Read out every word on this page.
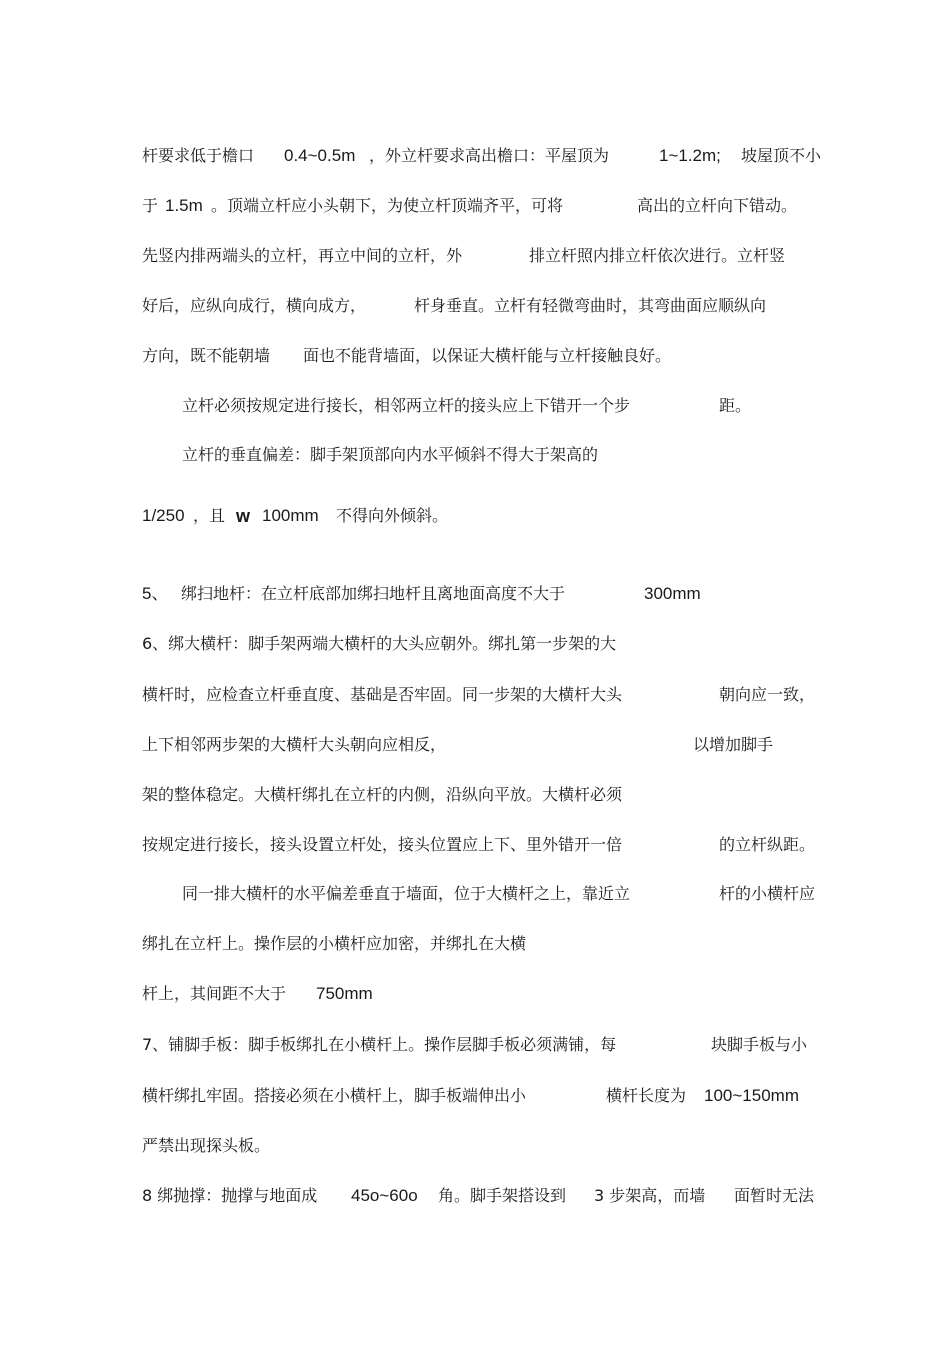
杆要求低于檐口 0.4~0.5m ，外立杆要求高出檐口：平屋顶为	1~1.2m; 坡屋顶不小
于 1.5m 。顶端立杆应小头朝下，为使立杆顶端齐平，可将	高出的立杆向下错动。
先竖内排两端头的立杆，再立中间的立杆，外	排立杆照内排立杆依次进行。立杆竖
好后，应纵向成行，横向成方，	杆身垂直。立杆有轻微弯曲时，其弯曲面应顺纵向
方向，既不能朝墙 面也不能背墙面，以保证大横杆能与立杆接触良好。
立杆必须按规定进行接长，相邻两立杆的接头应上下错开一个步	距。
立杆的垂直偏差：脚手架顶部向内水平倾斜不得大于架高的
1/250 ，且 w 100mm 不得向外倾斜。
5、 绑扫地杆：在立杆底部加绑扫地杆且离地面高度不大于	300mm
6、绑大横杆：脚手架两端大横杆的大头应朝外。绑扎第一步架的大
横杆时，应检查立杆垂直度、基础是否牢固。同一步架的大横杆大头	朝向应一致，
上下相邻两步架的大横杆大头朝向应相反，	以增加脚手
架的整体稳定。大横杆绑扎在立杆的内侧，沿纵向平放。大横杆必须
按规定进行接长，接头设置立杆处，接头位置应上下、里外错开一倍	的立杆纵距。
同一排大横杆的水平偏差垂直于墙面，位于大横杆之上，靠近立	杆的小横杆应
绑扎在立杆上。操作层的小横杆应加密，并绑扎在大横
杆上，其间距不大于 750mm
7、铺脚手板：脚手板绑扎在小横杆上。操作层脚手板必须满铺，每	块脚手板与小
横杆绑扎牢固。搭接必须在小横杆上，脚手板端伸出小	横杆长度为 100~150mm
严禁出现探头板。
8 绑抛撑：抛撑与地面成 45o~60o 角。脚手架搭设到 3 步架高，而墙 面暂时无法
